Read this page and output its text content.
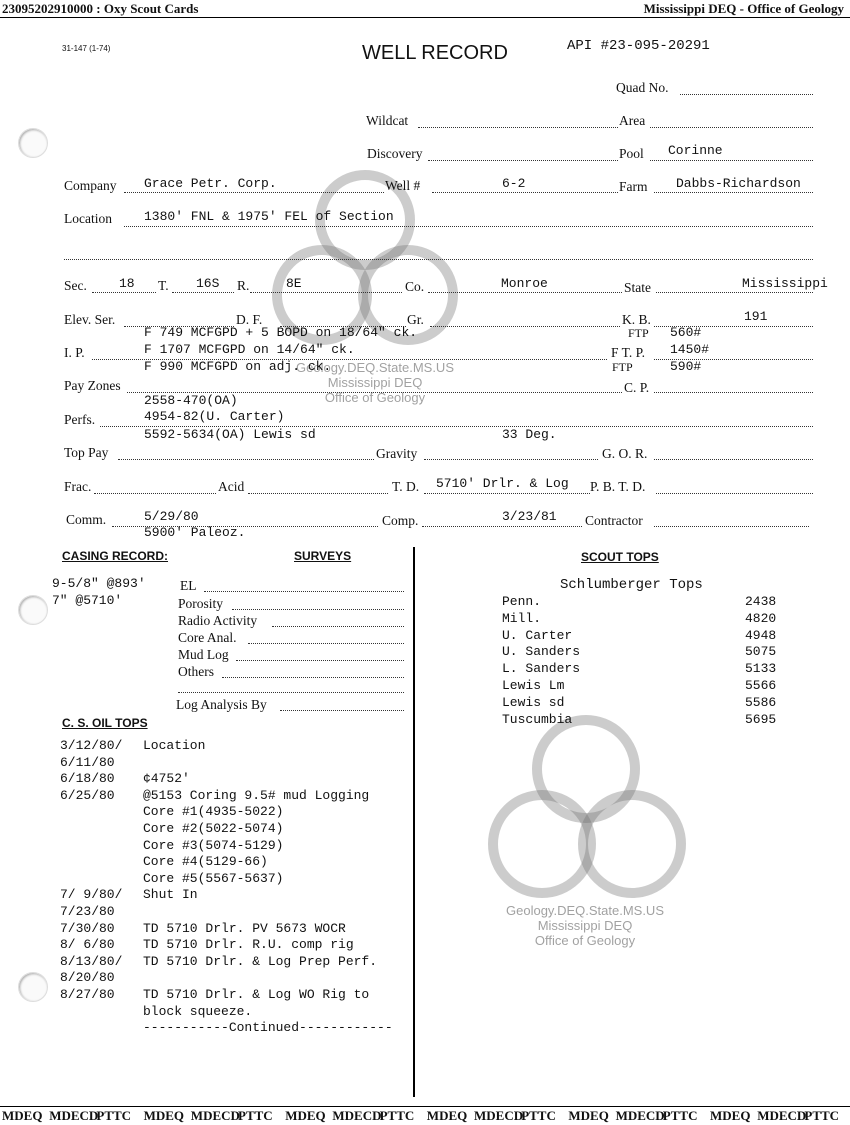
23095202910000 : Oxy Scout Cards	Mississippi DEQ - Office of Geology
Geology.DEQ.State.MS.US
Mississippi DEQ
Office of Geology
Geology.DEQ.State.MS.US
Mississippi DEQ
Office of Geology
31-147 (1-74)	WELL RECORD	API #23-095-20291
Quad No.
Wildcat	Area
Discovery	Pool Corinne
Company Grace Petr. Corp.	Well #	6-2	Farm Dabbs-Richardson
Location 1380' FNL & 1975' FEL of Section
Sec. 18 T. 16S R.	8E	Co.	Monroe	State	Mississippi
Elev. Ser.	D. F.	Gr.	K. B.	191
F 749 MCFGPD + 5 BOPD on 18/64" ck.	FTP 560#
I. P.	F 1707 MCFGPD on 14/64" ck.	F T. P. 1450#
F 990 MCFGPD on adj. ck.	FTP	590#
Pay Zones	C. P.
2558-470(OA)
Perfs.	4954-82(U. Carter)
5592-5634(OA) Lewis sd	33 Deg.
Top Pay	Gravity	G. O. R.
Frac.	Acid	T. D. 5710' Drlr. & Log P. B. T. D.
Comm.	5/29/80	Comp.	3/23/81 Contractor
5900' Paleoz.
CASING RECORD:
9-5/8" @893'
7" @5710'
SURVEYS
EL
Porosity
Radio Activity
Core Anal.
Mud Log
Others
Log Analysis By
C. S. OIL TOPS
3/12/80/ Location
6/11/80
6/18/80 ¢4752'
6/25/80 @5153 Coring 9.5# mud Logging
Core #1(4935-5022)
Core #2(5022-5074)
Core #3(5074-5129)
Core #4(5129-66)
Core #5(5567-5637)
7/ 9/80/ Shut In
7/23/80
7/30/80 TD 5710 Drlr. PV 5673 WOCR
8/ 6/80 TD 5710 Drlr. R.U. comp rig
8/13/80/ TD 5710 Drlr. & Log Prep Perf.
8/20/80
8/27/80 TD 5710 Drlr. & Log WO Rig to
block squeeze.
-----------Continued------------
SCOUT TOPS
Schlumberger Tops
Penn.	2438
Mill.	4820
U. Carter	4948
U. Sanders	5075
L. Sanders	5133
Lewis Lm	5566
Lewis sd	5586
Tuscumbia	5695
MDEQ MDECD
PTTC MDEQ MDECD
PTTC MDEQ MDECD
PTTC MDEQ MDECD
PTTC MDEQ MDECD
PTTC MDEQ MDECD
PTTC
